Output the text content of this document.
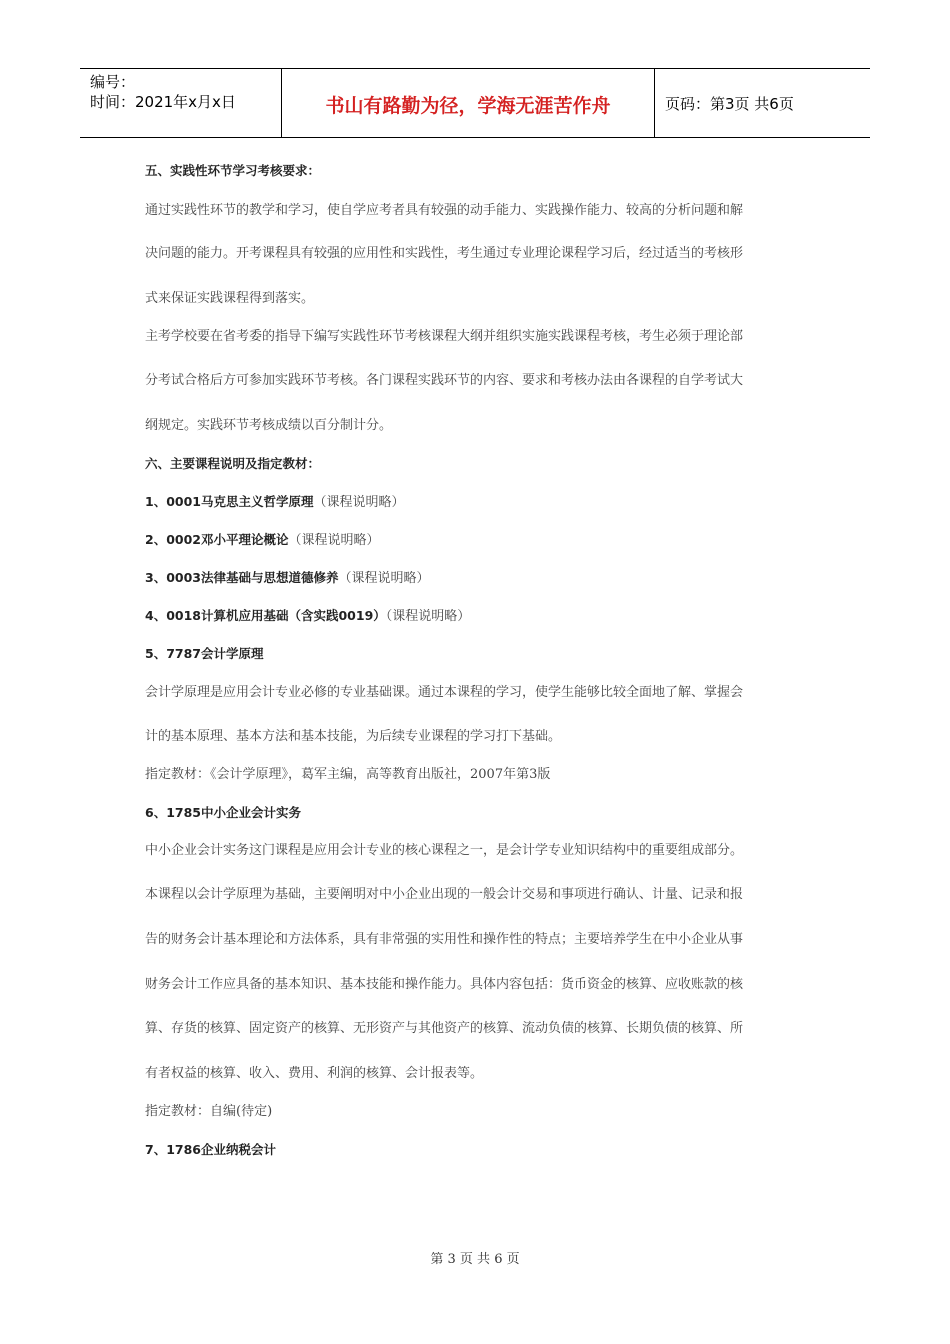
编号：
时间：2021年x月x日	书山有路勤为径，学海无涯苦作舟	页码：第3页 共6页
五、实践性环节学习考核要求：
通过实践性环节的教学和学习，使自学应考者具有较强的动手能力、实践操作能力、较高的分析问题和解
决问题的能力。开考课程具有较强的应用性和实践性，考生通过专业理论课程学习后，经过适当的考核形
式来保证实践课程得到落实。
主考学校要在省考委的指导下编写实践性环节考核课程大纲并组织实施实践课程考核，考生必须于理论部
分考试合格后方可参加实践环节考核。各门课程实践环节的内容、要求和考核办法由各课程的自学考试大
纲规定。实践环节考核成绩以百分制计分。
六、主要课程说明及指定教材：
1、0001马克思主义哲学原理（课程说明略）
2、0002邓小平理论概论（课程说明略）
3、0003法律基础与思想道德修养（课程说明略）
4、0018计算机应用基础（含实践0019）（课程说明略）
5、7787会计学原理
会计学原理是应用会计专业必修的专业基础课。通过本课程的学习，使学生能够比较全面地了解、掌握会
计的基本原理、基本方法和基本技能，为后续专业课程的学习打下基础。
指定教材：《会计学原理》，葛军主编，高等教育出版社，2007年第3版
6、1785中小企业会计实务
中小企业会计实务这门课程是应用会计专业的核心课程之一，是会计学专业知识结构中的重要组成部分。
本课程以会计学原理为基础，主要阐明对中小企业出现的一般会计交易和事项进行确认、计量、记录和报
告的财务会计基本理论和方法体系，具有非常强的实用性和操作性的特点；主要培养学生在中小企业从事
财务会计工作应具备的基本知识、基本技能和操作能力。具体内容包括：货币资金的核算、应收账款的核
算、存货的核算、固定资产的核算、无形资产与其他资产的核算、流动负债的核算、长期负债的核算、所
有者权益的核算、收入、费用、利润的核算、会计报表等。
指定教材：自编(待定)
7、1786企业纳税会计
第 3 页 共 6 页
